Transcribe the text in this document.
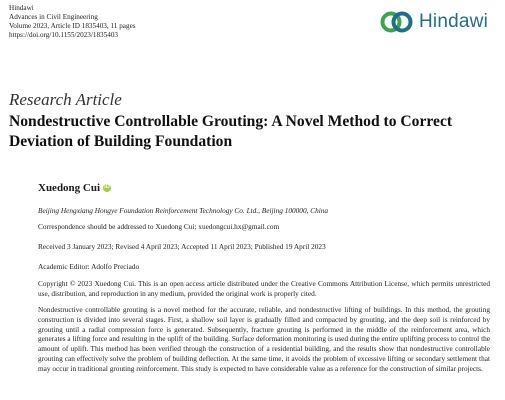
Hindawi
Advances in Civil Engineering
Volume 2023, Article ID 1835403, 11 pages
https://doi.org/10.1155/2023/1835403
Hindawi
Research Article
Nondestructive Controllable Grouting: A Novel Method to Correct Deviation of Building Foundation
Xuedong Cui iD
Beijing Hengxiang Hongye Foundation Reinforcement Technology Co. Ltd., Beijing 100000, China
Correspondence should be addressed to Xuedong Cui; xuedongcui.hx@gmail.com
Received 3 January 2023; Revised 4 April 2023; Accepted 11 April 2023; Published 19 April 2023
Academic Editor: Adolfo Preciado
Copyright © 2023 Xuedong Cui. This is an open access article distributed under the Creative Commons Attribution License, which permits unrestricted use, distribution, and reproduction in any medium, provided the original work is properly cited.
Nondestructive controllable grouting is a novel method for the accurate, reliable, and nondestructive lifting of buildings. In this method, the grouting construction is divided into several stages. First, a shallow soil layer is gradually filled and compacted by grouting, and the deep soil is reinforced by grouting until a radial compression force is generated. Subsequently, fracture grouting is performed in the middle of the reinforcement area, which generates a lifting force and resulting in the uplift of the building. Surface deformation monitoring is used during the entire uplifting process to control the amount of uplift. This method has been verified through the construction of a residential building, and the results show that nondestructive controllable grouting can effectively solve the problem of building deflection. At the same time, it avoids the problem of excessive lifting or secondary settlement that may occur in traditional grouting reinforcement. This study is expected to have considerable value as a reference for the construction of similar projects.
